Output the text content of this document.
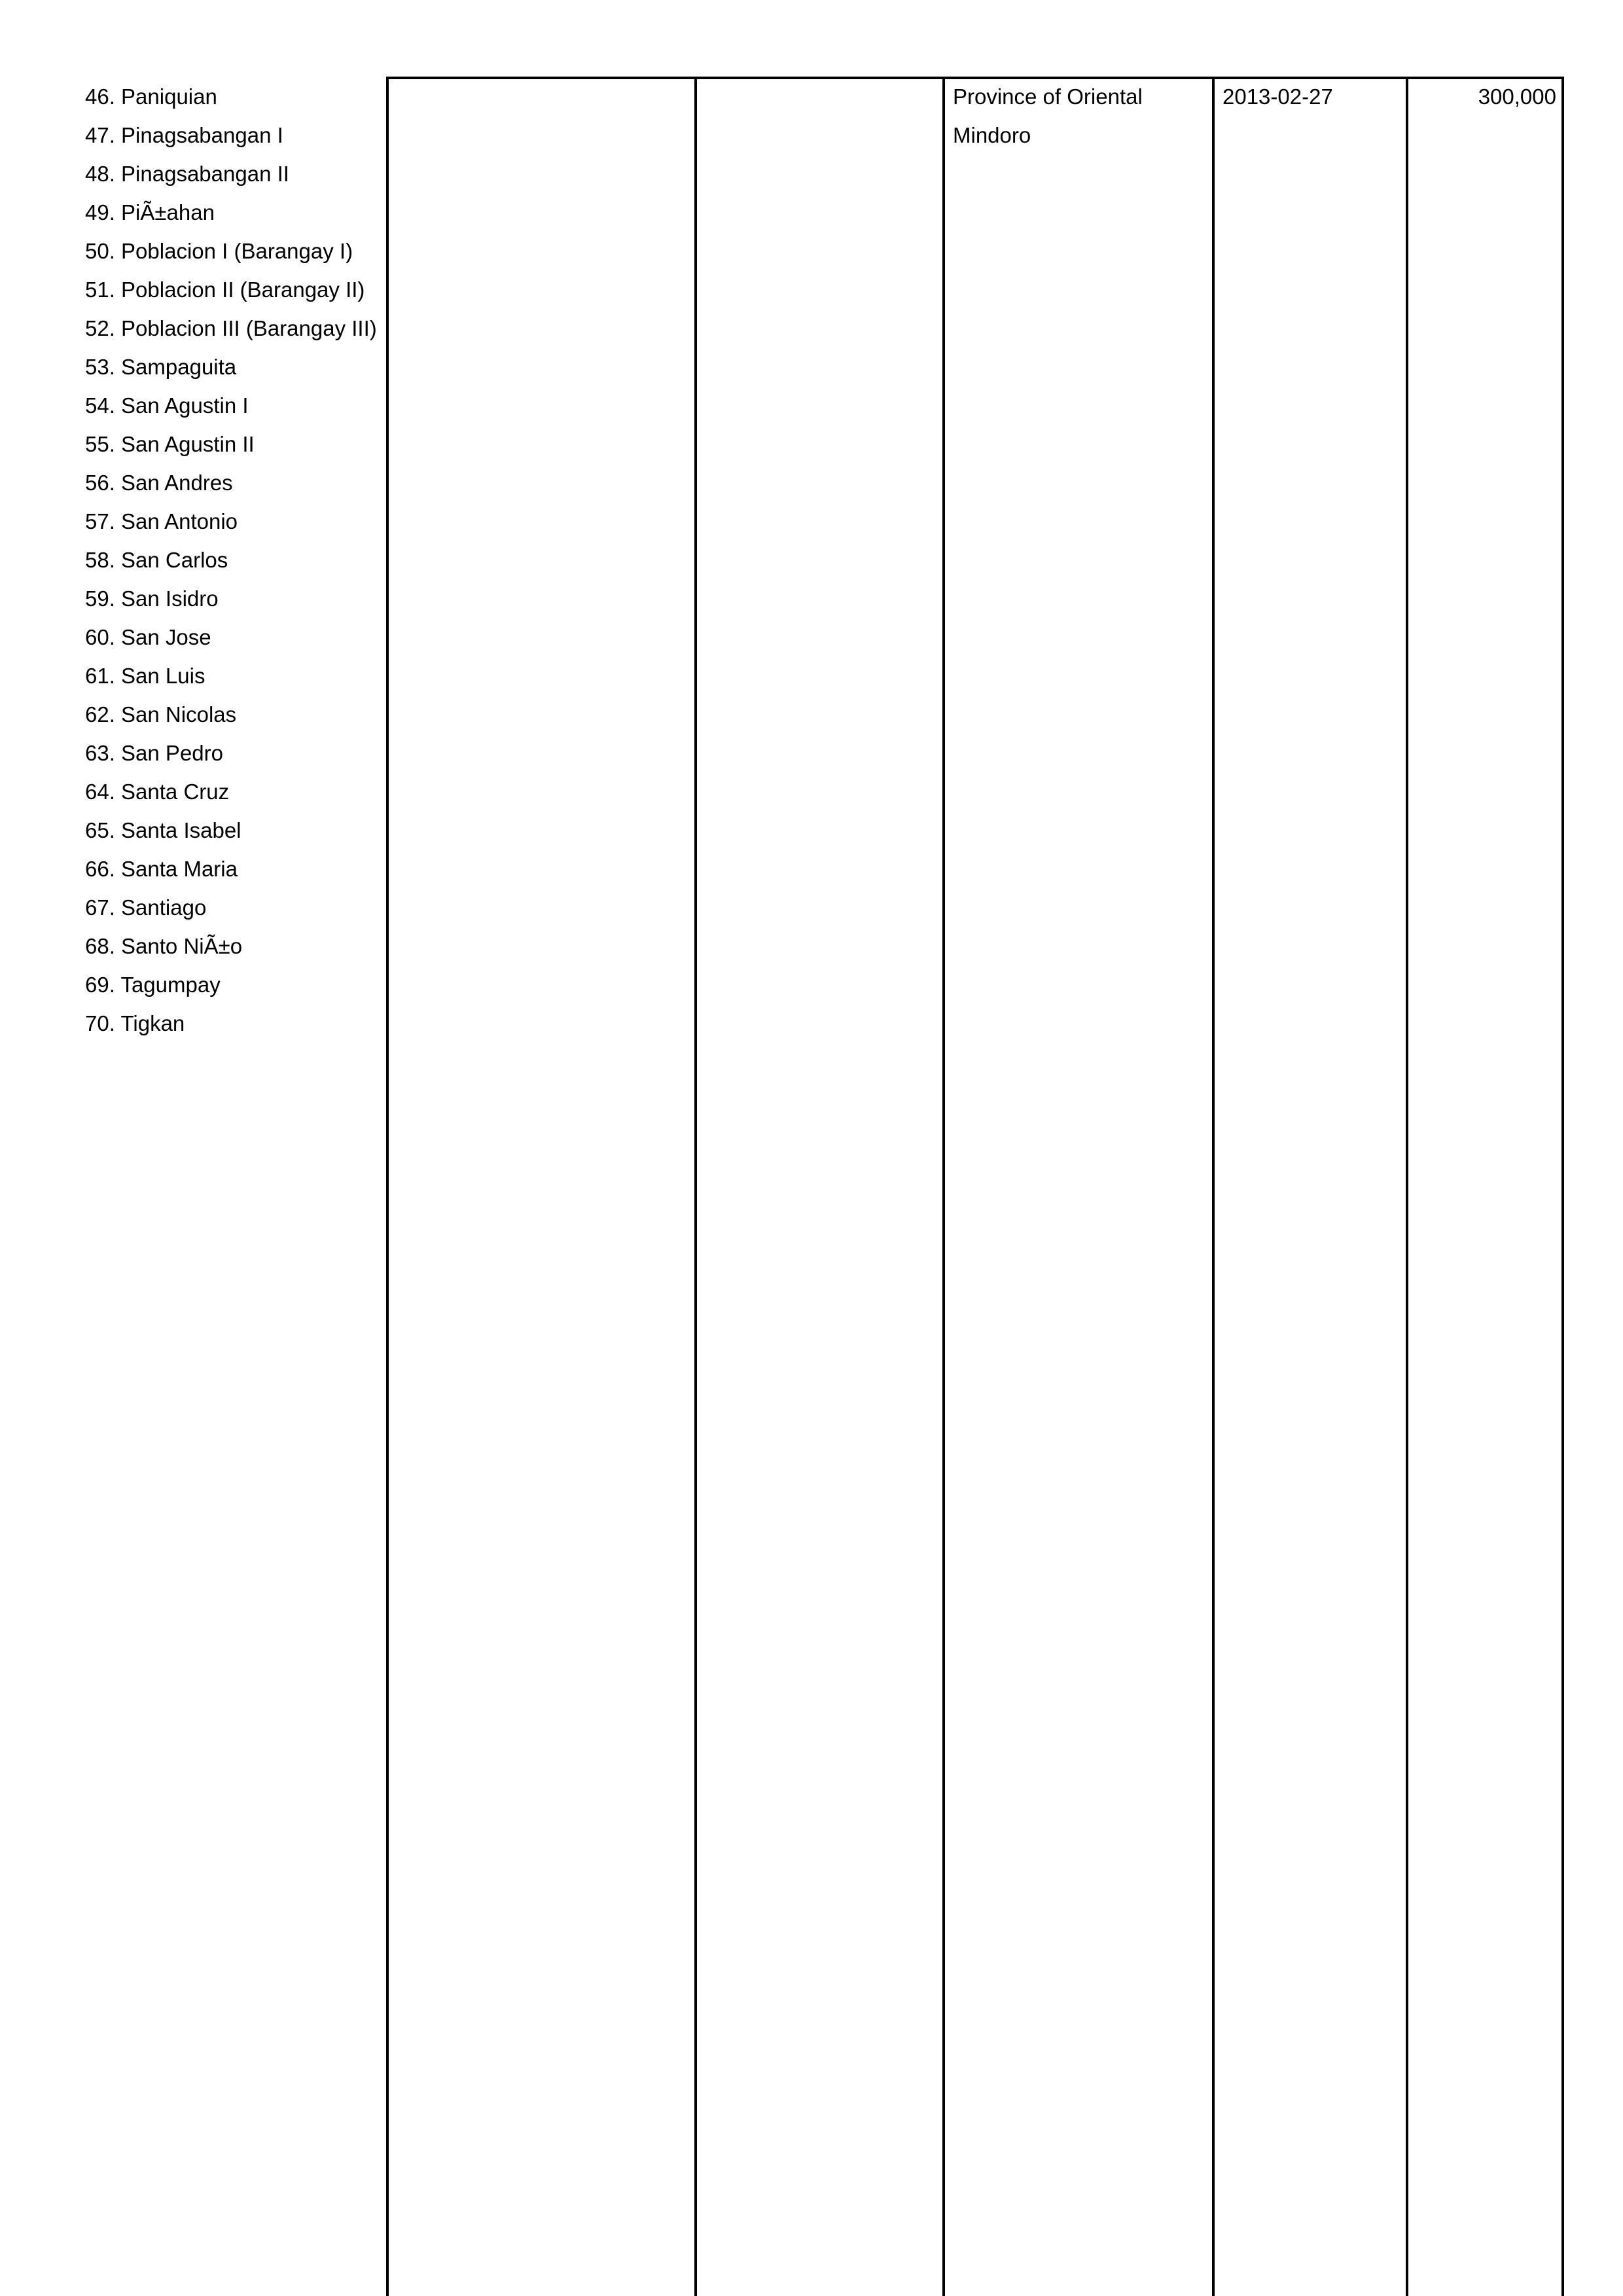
46. Paniquian
47. Pinagsabangan I
48. Pinagsabangan II
49. PiÃ±ahan
50. Poblacion I (Barangay I)
51. Poblacion II (Barangay II)
52. Poblacion III (Barangay III)
53. Sampaguita
54. San Agustin I
55. San Agustin II
56. San Andres
57. San Antonio
58. San Carlos
59. San Isidro
60. San Jose
61. San Luis
62. San Nicolas
63. San Pedro
64. Santa Cruz
65. Santa Isabel
66. Santa Maria
67. Santiago
68. Santo NiÃ±o
69. Tagumpay
70. Tigkan
Province of Oriental Mindoro
2013-02-27	300,000
